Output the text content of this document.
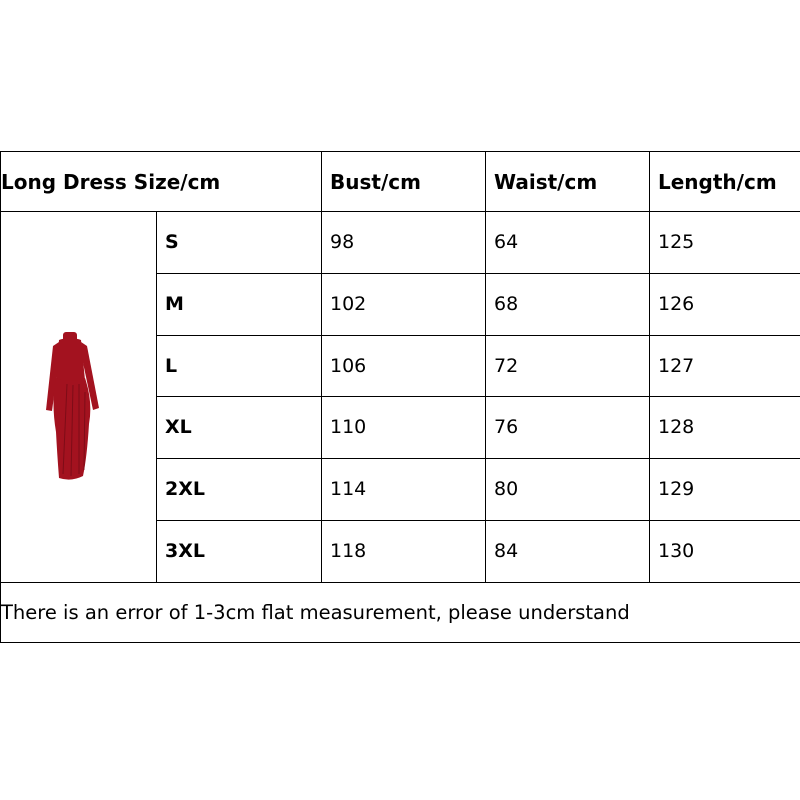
Long Dress Size/cm		Bust/cm	Waist/cm	Length/cm

	S	98	64	125
	M	102	68	126
	L	106	72	127
	XL	110	76	128
	2XL	114	80	129
	3XL	118	84	130
There is an error of 1-3cm flat measurement, please understand				
